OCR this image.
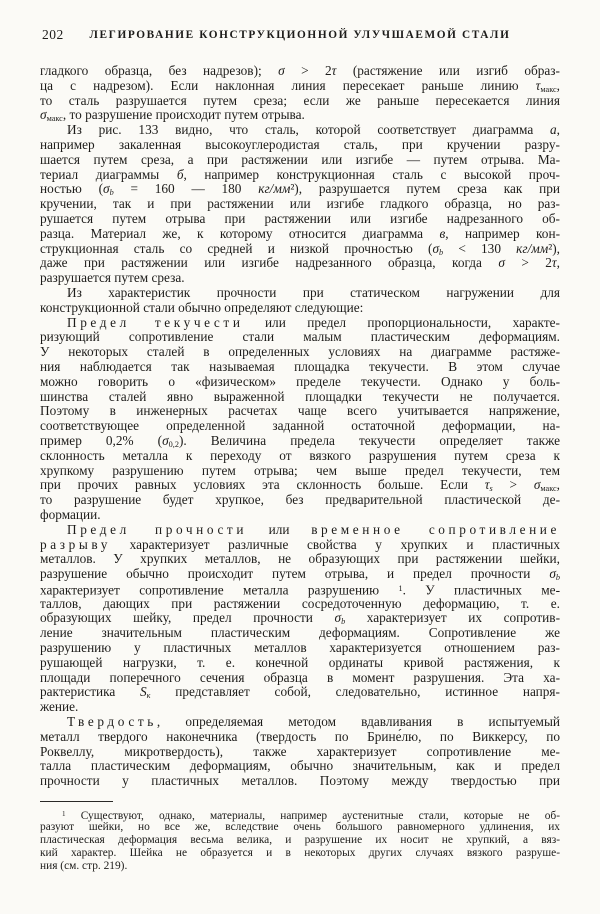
202	ЛЕГИРОВАНИЕ КОНСТРУКЦИОННОЙ УЛУЧШАЕМОЙ СТАЛИ
гладкого образца, без надрезов); σ > 2τ (растяжение или изгиб образ-
ца с надрезом). Если наклонная линия пересекает раньше линию $\tau_{макс}$,
то сталь разрушается путем среза; если же раньше пересекается линия
$\sigma_{макс}$, то разрушение происходит путем отрыва.
Из рис. 133 видно, что сталь, которой соответствует диаграмма а,
например закаленная высокоуглеродистая сталь, при кручении разру-
шается путем среза, а при растяжении или изгибе — путем отрыва. Ма-
териал диаграммы б, например конструкционная сталь с высокой проч-
ностью ($\sigma_b = 160$ — 180 кг/мм²), разрушается путем среза как при
кручении, так и при растяжении или изгибе гладкого образца, но раз-
рушается путем отрыва при растяжении или изгибе надрезанного об-
разца. Материал же, к которому относится диаграмма в, например кон-
струкционная сталь со средней и низкой прочностью ($\sigma_b < 130$ кг/мм²),
даже при растяжении или изгибе надрезанного образца, когда σ > 2τ,
разрушается путем среза.
Из характеристик прочности при статическом нагружении для
конструкционной стали обычно определяют следующие:
Предел текучести или предел пропорциональности, характе-
ризующий сопротивление стали малым пластическим деформациям.
У некоторых сталей в определенных условиях на диаграмме растяже-
ния наблюдается так называемая площадка текучести. В этом случае
можно говорить о «физическом» пределе текучести. Однако у боль-
шинства сталей явно выраженной площадки текучести не получается.
Поэтому в инженерных расчетах чаще всего учитывается напряжение,
соответствующее определенной заданной остаточной деформации, на-
пример 0,2% $(\sigma_{0,2})$. Величина предела текучести определяет также
склонность металла к переходу от вязкого разрушения путем среза к
хрупкому разрушению путем отрыва; чем выше предел текучести, тем
при прочих равных условиях эта склонность больше. Если $\tau_s > \sigma_{макс}$,
то разрушение будет хрупкое, без предварительной пластической де-
формации.
Предел прочности или временное сопротивление
разрыву характеризует различные свойства у хрупких и пластичных
металлов. У хрупких металлов, не образующих при растяжении шейки,
разрушение обычно происходит путем отрыва, и предел прочности $\sigma_b$
характеризует сопротивление металла разрушению $^1$. У пластичных ме-
таллов, дающих при растяжении сосредоточенную деформацию, т. е.
образующих шейку, предел прочности $\sigma_b$ характеризует их сопротив-
ление значительным пластическим деформациям. Сопротивление же
разрушению у пластичных металлов характеризуется отношением раз-
рушающей нагрузки, т. е. конечной ординаты кривой растяжения, к
площади поперечного сечения образца в момент разрушения. Эта ха-
рактеристика $S_к$ представляет собой, следовательно, истинное напря-
жение.
Твердость, определяемая методом вдавливания в испытуемый
металл твердого наконечника (твердость по Брине́лю, по Виккерсу, по
Роквеллу, микротвердость), также характеризует сопротивление ме-
талла пластическим деформациям, обычно значительным, как и предел
прочности у пластичных металлов. Поэтому между твердостью при
$^1$ Существуют, однако, материалы, например аустенитные стали, которые не об-
разуют шейки, но все же, вследствие очень большого равномерного удлинения, их
пластическая деформация весьма велика, и разрушение их носит не хрупкий, а вяз-
кий характер. Шейка не образуется и в некоторых других случаях вязкого разруше-
ния (см. стр. 219).
